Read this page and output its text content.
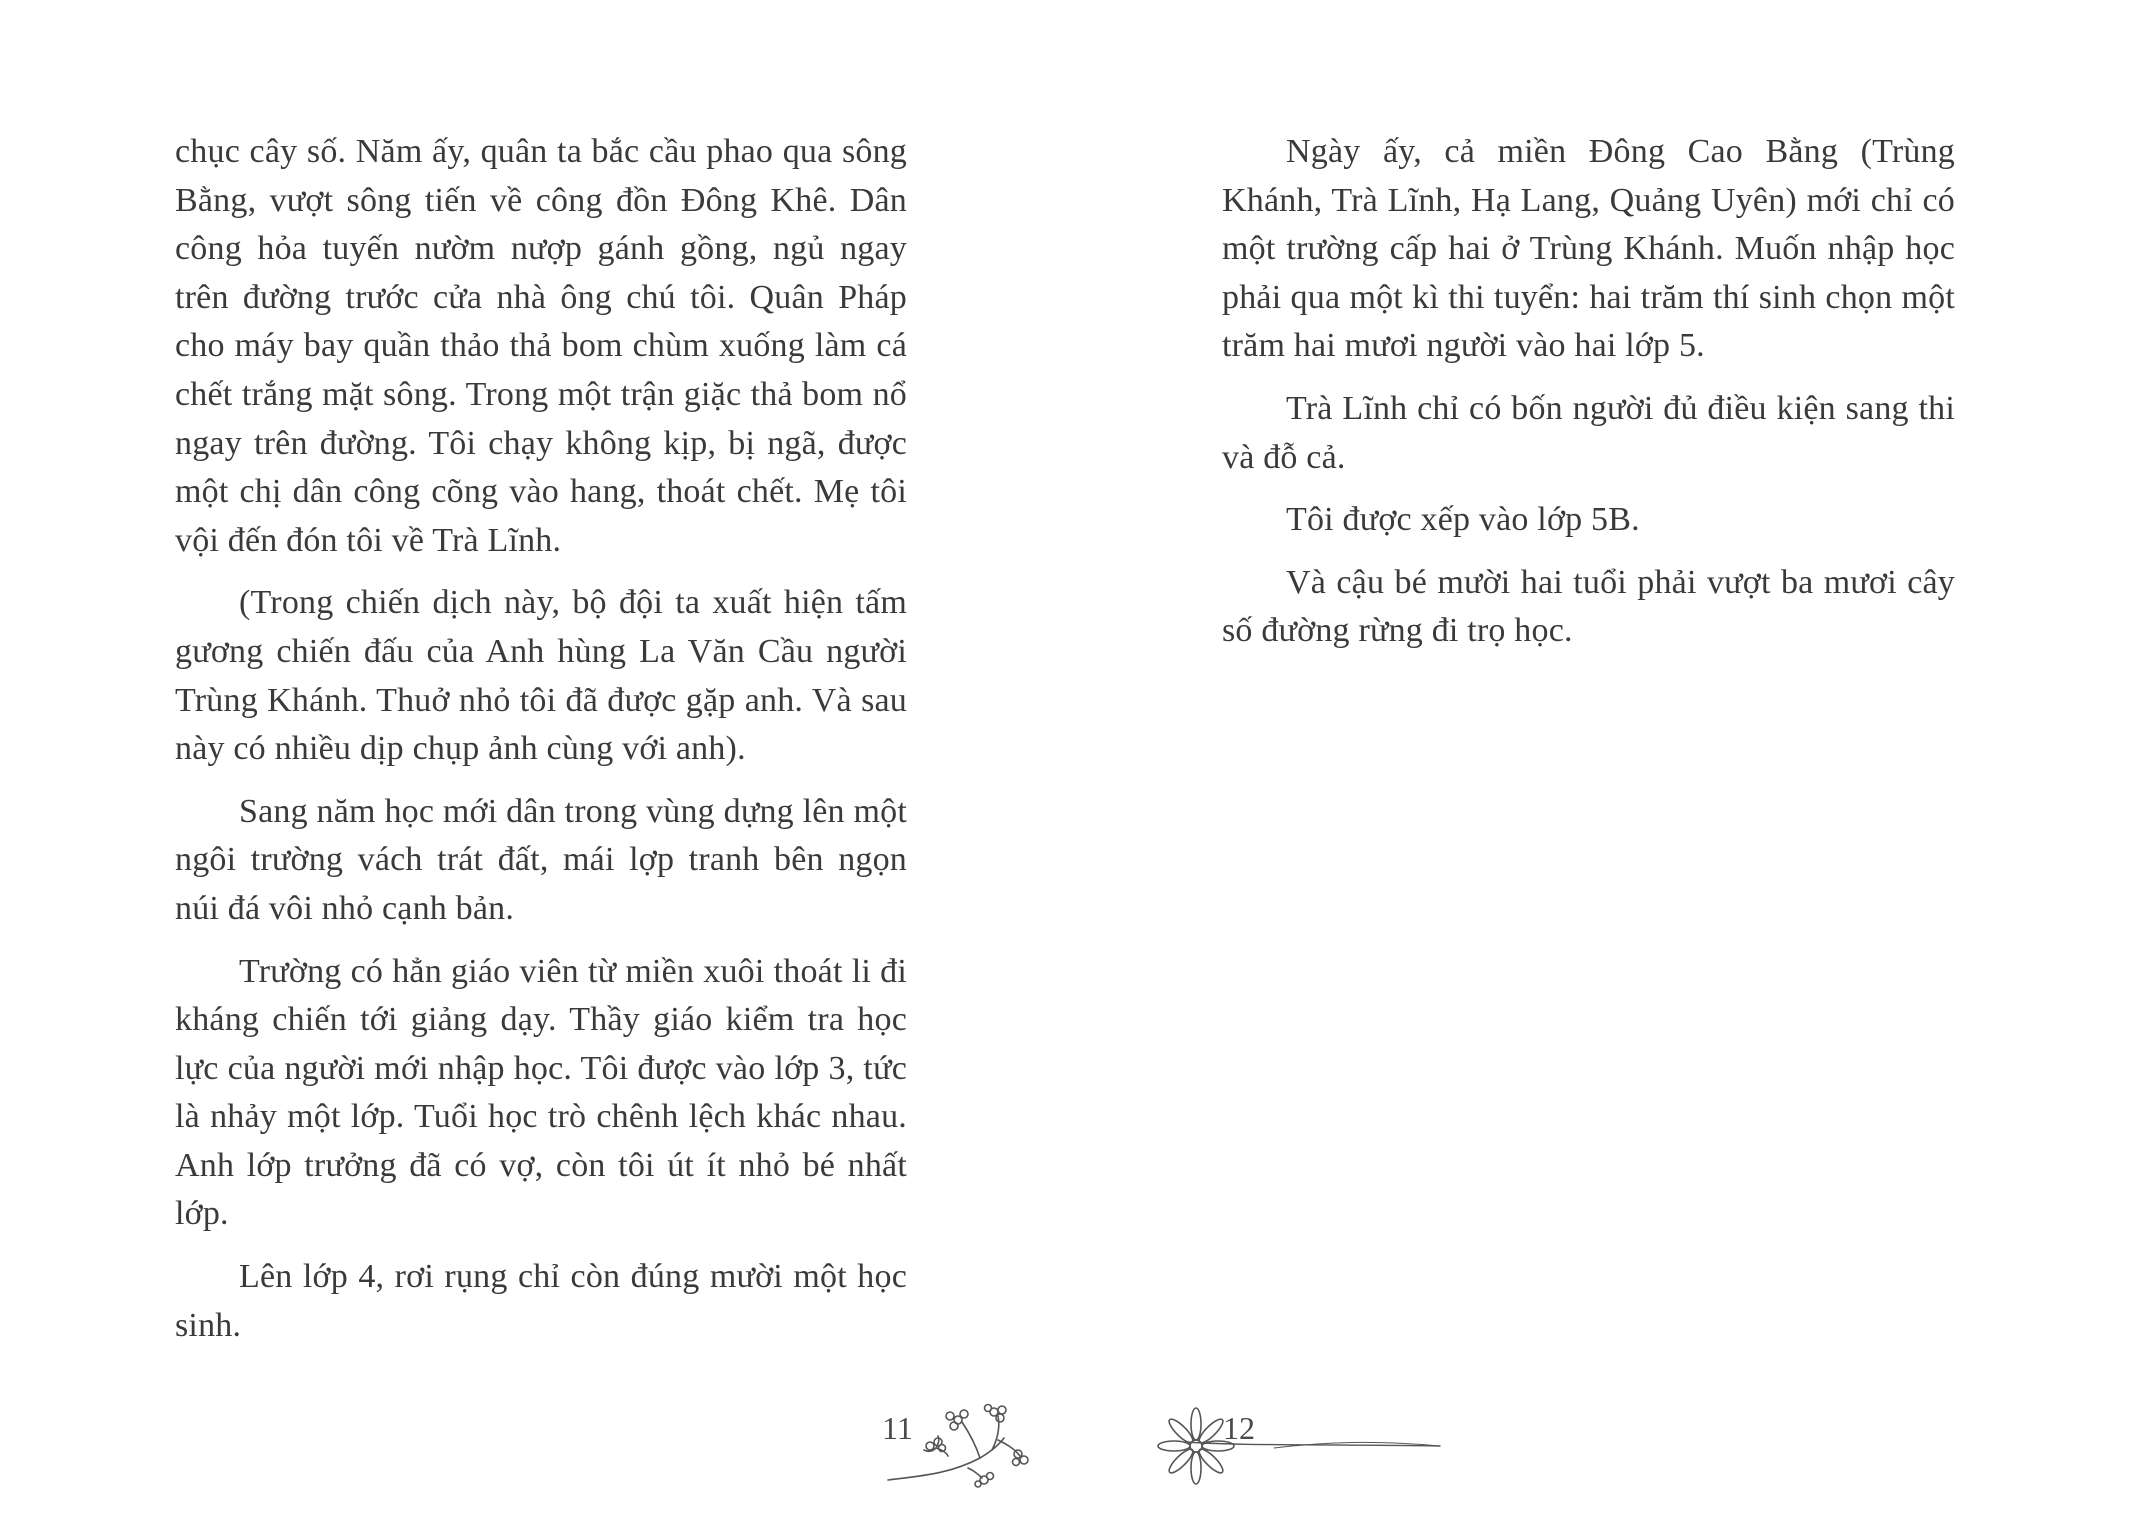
chục cây số. Năm ấy, quân ta bắc cầu phao qua sông Bằng, vượt sông tiến về công đồn Đông Khê. Dân công hỏa tuyến nườm nượp gánh gồng, ngủ ngay trên đường trước cửa nhà ông chú tôi. Quân Pháp cho máy bay quần thảo thả bom chùm xuống làm cá chết trắng mặt sông. Trong một trận giặc thả bom nổ ngay trên đường. Tôi chạy không kịp, bị ngã, được một chị dân công cõng vào hang, thoát chết. Mẹ tôi vội đến đón tôi về Trà Lĩnh.

(Trong chiến dịch này, bộ đội ta xuất hiện tấm gương chiến đấu của Anh hùng La Văn Cầu người Trùng Khánh. Thuở nhỏ tôi đã được gặp anh. Và sau này có nhiều dịp chụp ảnh cùng với anh).

Sang năm học mới dân trong vùng dựng lên một ngôi trường vách trát đất, mái lợp tranh bên ngọn núi đá vôi nhỏ cạnh bản.

Trường có hẳn giáo viên từ miền xuôi thoát li đi kháng chiến tới giảng dạy. Thầy giáo kiểm tra học lực của người mới nhập học. Tôi được vào lớp 3, tức là nhảy một lớp. Tuổi học trò chênh lệch khác nhau. Anh lớp trưởng đã có vợ, còn tôi út ít nhỏ bé nhất lớp.

Lên lớp 4, rơi rụng chỉ còn đúng mười một học sinh.

11

Ngày ấy, cả miền Đông Cao Bằng (Trùng Khánh, Trà Lĩnh, Hạ Lang, Quảng Uyên) mới chỉ có một trường cấp hai ở Trùng Khánh. Muốn nhập học phải qua một kì thi tuyển: hai trăm thí sinh chọn một trăm hai mươi người vào hai lớp 5.

Trà Lĩnh chỉ có bốn người đủ điều kiện sang thi và đỗ cả.

Tôi được xếp vào lớp 5B.

Và cậu bé mười hai tuổi phải vượt ba mươi cây số đường rừng đi trọ học.

12
